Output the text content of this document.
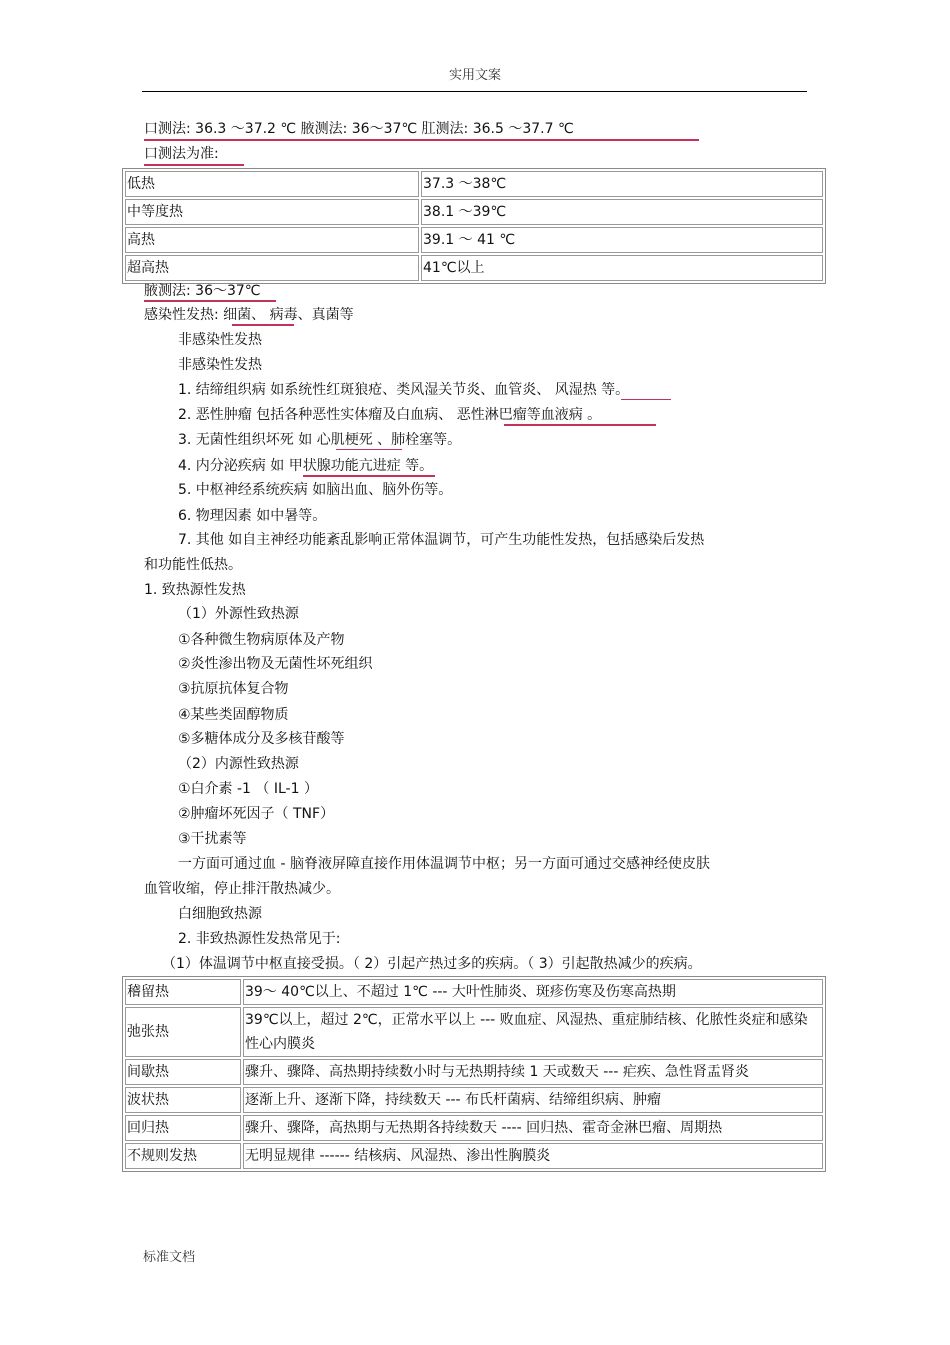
实用文案
口测法: 36.3 ～37.2 ℃ 腋测法: 36～37℃ 肛测法: 36.5 ～37.7 ℃
口测法为准:
低热	37.3 ～38℃
中等度热	38.1 ～39℃
高热	39.1 ～ 41 ℃
超高热	41℃以上
腋测法: 36～37℃
感染性发热: 细菌、 病毒、真菌等
非感染性发热
非感染性发热
1. 结缔组织病 如系统性红斑狼疮、类风湿关节炎、血管炎、 风湿热 等。
2. 恶性肿瘤 包括各种恶性实体瘤及白血病、 恶性淋巴瘤等血液病 。
3. 无菌性组织坏死 如 心肌梗死 、肺栓塞等。
4. 内分泌疾病 如 甲状腺功能亢进症 等。
5. 中枢神经系统疾病 如脑出血、脑外伤等。
6. 物理因素 如中暑等。
7. 其他 如自主神经功能紊乱影响正常体温调节，可产生功能性发热，包括感染后发热
和功能性低热。
1. 致热源性发热
（1）外源性致热源
①各种微生物病原体及产物
②炎性渗出物及无菌性坏死组织
③抗原抗体复合物
④某些类固醇物质
⑤多糖体成分及多核苷酸等
（2）内源性致热源
①白介素 -1 （ IL-1 ）
②肿瘤坏死因子（ TNF）
③干扰素等
一方面可通过血 - 脑脊液屏障直接作用体温调节中枢；另一方面可通过交感神经使皮肤
血管收缩，停止排汗散热减少。
白细胞致热源
2. 非致热源性发热常见于:
（1）体温调节中枢直接受损。（ 2）引起产热过多的疾病。（ 3）引起散热减少的疾病。
稽留热	39～ 40℃以上、不超过 1℃ --- 大叶性肺炎、斑疹伤寒及伤寒高热期
弛张热	39℃以上，超过 2℃，正常水平以上 --- 败血症、风湿热、重症肺结核、化脓性炎症和感染性心内膜炎
间歇热	骤升、骤降、高热期持续数小时与无热期持续 1 天或数天 --- 疟疾、急性肾盂肾炎
波状热	逐渐上升、逐渐下降，持续数天 --- 布氏杆菌病、结缔组织病、肿瘤
回归热	骤升、骤降，高热期与无热期各持续数天 ---- 回归热、霍奇金淋巴瘤、周期热
不规则发热	无明显规律 ------ 结核病、风湿热、渗出性胸膜炎
标准文档
